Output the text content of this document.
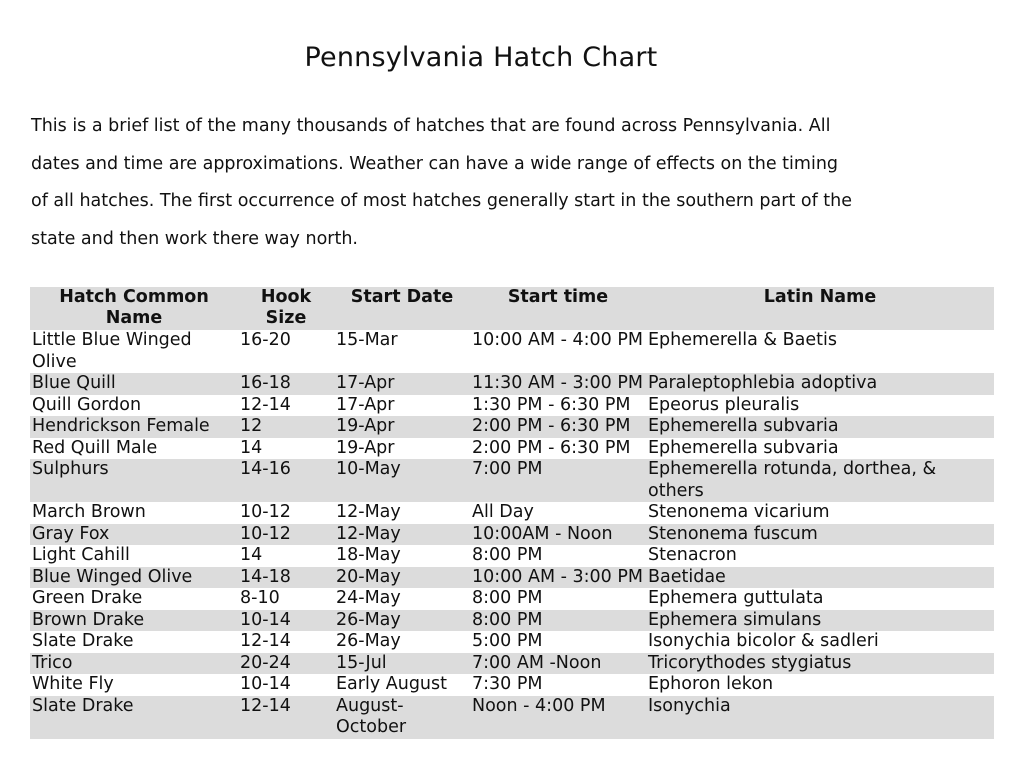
Pennsylvania Hatch Chart
This is a brief list of the many thousands of hatches that are found across Pennsylvania. All
dates and time are approximations. Weather can have a wide range of effects on the timing
of all hatches. The first occurrence of most hatches generally start in the southern part of the
state and then work there way north.
Hatch Common Name	Hook Size	Start Date	Start time	Latin Name
Little Blue Winged Olive	16-20	15-Mar	10:00 AM - 4:00 PM	Ephemerella & Baetis
Blue Quill	16-18	17-Apr	11:30 AM - 3:00 PM	Paraleptophlebia adoptiva
Quill Gordon	12-14	17-Apr	1:30 PM - 6:30 PM	Epeorus pleuralis
Hendrickson Female	12	19-Apr	2:00 PM - 6:30 PM	Ephemerella subvaria
Red Quill Male	14	19-Apr	2:00 PM - 6:30 PM	Ephemerella subvaria
Sulphurs	14-16	10-May	7:00 PM	Ephemerella rotunda, dorthea, & others
March Brown	10-12	12-May	All Day	Stenonema vicarium
Gray Fox	10-12	12-May	10:00AM - Noon	Stenonema fuscum
Light Cahill	14	18-May	8:00 PM	Stenacron
Blue Winged Olive	14-18	20-May	10:00 AM - 3:00 PM	Baetidae
Green Drake	8-10	24-May	8:00 PM	Ephemera guttulata
Brown Drake	10-14	26-May	8:00 PM	Ephemera simulans
Slate Drake	12-14	26-May	5:00 PM	Isonychia bicolor & sadleri
Trico	20-24	15-Jul	7:00 AM -Noon	Tricorythodes stygiatus
White Fly	10-14	Early August	7:30 PM	Ephoron lekon
Slate Drake	12-14	August-October	Noon - 4:00 PM	Isonychia
